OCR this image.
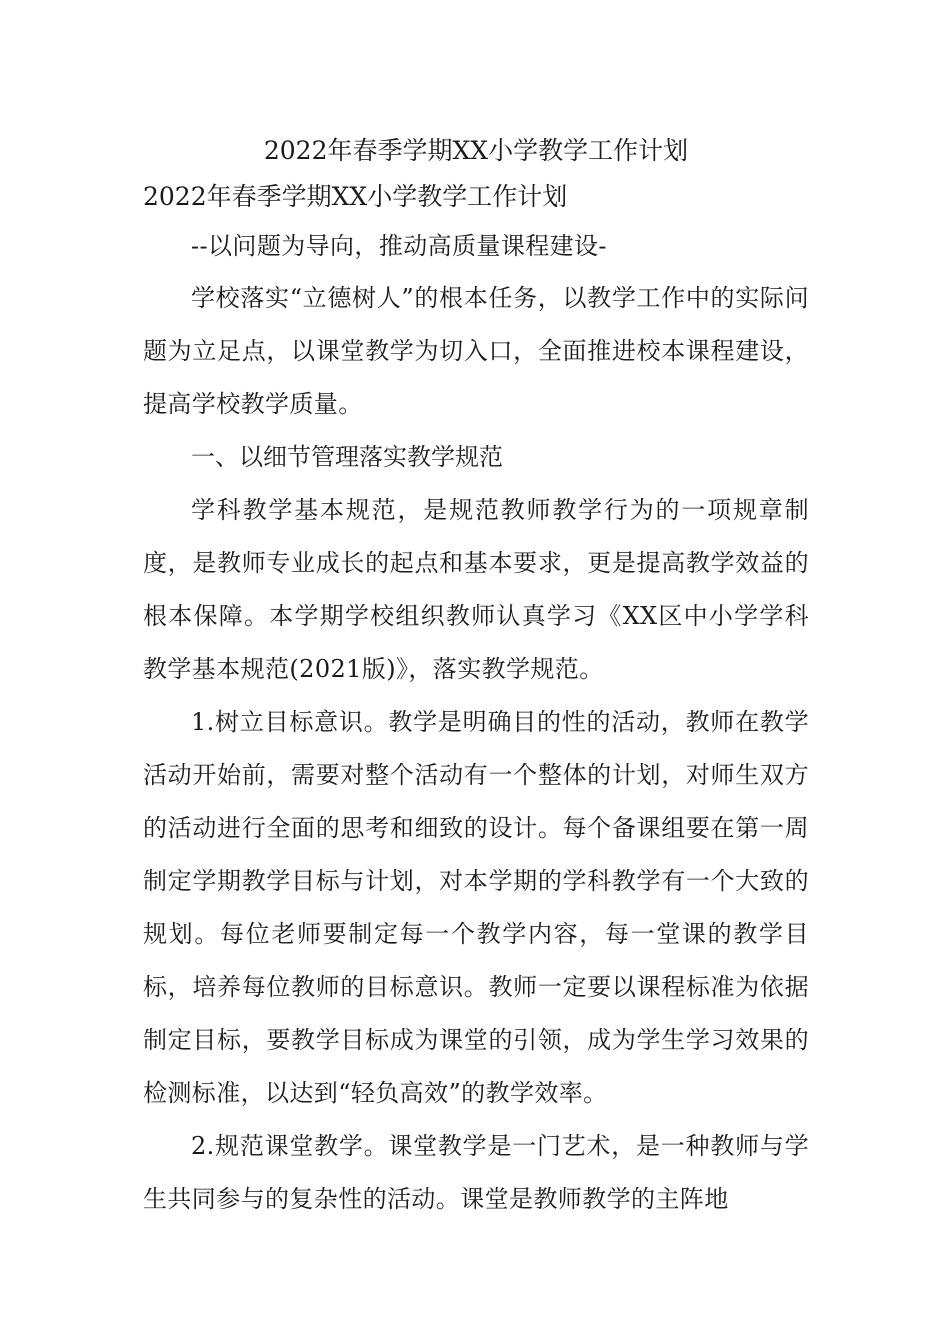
2022年春季学期XX小学教学工作计划
2022年春季学期XX小学教学工作计划

--以问题为导向，推动高质量课程建设-

学校落实“立德树人”的根本任务，以教学工作中的实际问题为立足点，以课堂教学为切入口，全面推进校本课程建设，提高学校教学质量。

一、以细节管理落实教学规范

学科教学基本规范，是规范教师教学行为的一项规章制度，是教师专业成长的起点和基本要求，更是提高教学效益的根本保障。本学期学校组织教师认真学习《XX区中小学学科教学基本规范(2021版)》，落实教学规范。

1.树立目标意识。教学是明确目的性的活动，教师在教学活动开始前，需要对整个活动有一个整体的计划，对师生双方的活动进行全面的思考和细致的设计。每个备课组要在第一周制定学期教学目标与计划，对本学期的学科教学有一个大致的规划。每位老师要制定每一个教学内容，每一堂课的教学目标，培养每位教师的目标意识。教师一定要以课程标准为依据制定目标，要教学目标成为课堂的引领，成为学生学习效果的检测标准，以达到“轻负高效”的教学效率。

2.规范课堂教学。课堂教学是一门艺术，是一种教师与学生共同参与的复杂性的活动。课堂是教师教学的主阵地
